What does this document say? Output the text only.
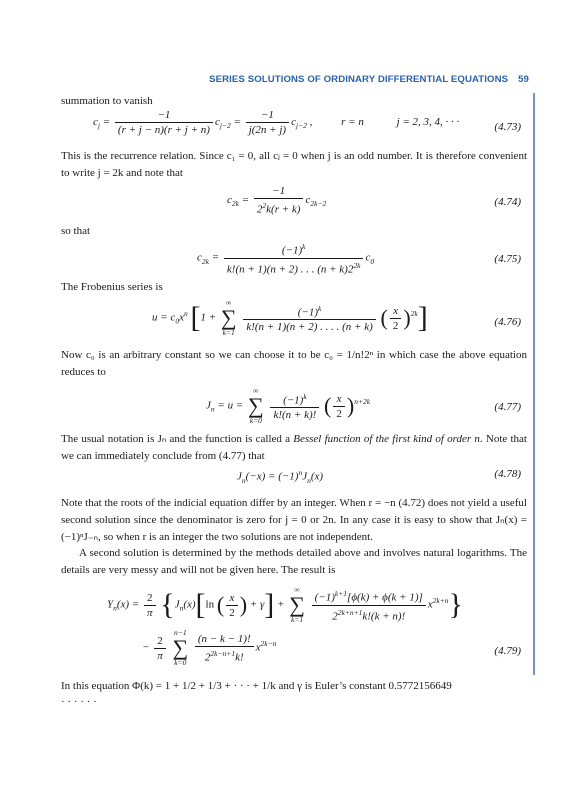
SERIES SOLUTIONS OF ORDINARY DIFFERENTIAL EQUATIONS 59
summation to vanish
$c_j = \frac{-1}{(r + j - n)(r + j + n)} c_{j-2} = \frac{-1}{j(2n + j)} c_{j-2}$ , r = n	j = 2, 3, 4, · · ·	(4.73)
This is the recurrence relation. Since c₁ = 0, all cⱼ = 0 when j is an odd number. It is therefore convenient to write j = 2k and note that
$c_{2k} = \frac{-1}{2^2k(r + k)} c_{2k-2}$	(4.74)
so that
$c_{2k} = \frac{(-1)^k}{k!(n + 1)(n + 2) . . . (n + k)2^{2k}} c_0$	(4.75)
The Frobenius series is
$u = c_0x^n$ [1 +
∞
∑
k=1
$\frac{(-1)^k}{k!(n + 1)(n + 2) . . . . (n + k)}$ ( $\frac{x}{2} )^{2k}$]	(4.76)
Now c₀ is an arbitrary constant so we can choose it to be c₀ = 1/n!2ⁿ in which case the above equation reduces to
$J_n = u$ =
∞
∑
k=0
$\frac{(-1)^k}{k!(n + k)!}$ ( $\frac{x}{2} )^{n+2k}$	(4.77)
The usual notation is Jₙ and the function is called a Bessel function of the first kind of order n. Note that we can immediately conclude from (4.77) that
$J_n(-x) = (-1)^nJ_n(x)$	(4.78)
Note that the roots of the indicial equation differ by an integer. When r = −n (4.72) does not yield a useful second solution since the denominator is zero for j = 0 or 2n. In any case it is easy to show that Jₙ(x) = (−1)ⁿJ₋ₙ, so when r is an integer the two solutions are not independent.
A second solution is determined by the methods detailed above and involves natural logarithms. The details are very messy and will not be given here. The result is
$Y_n(x) = \frac{2}{\pi} \{J_n(x)[\ln$ ( $\frac{x}{2}$ ) + γ] +
∞
∑
k=1
$\frac{(-1)^{k+1}[\phi(k) + \phi(k + 1)]}{2^{2k+n+1}k!(k + n)!} x^{2k+n}$}
− $\frac{2}{\pi}$

n−1
∑
k=0
$\frac{(n - k - 1)!}{2^{2k-n+1}k!} x^{2k-n}$
(4.79)
In this equation Φ(k) = 1 + 1/2 + 1/3 + · · · + 1/k and γ is Euler’s constant 0.5772156649
· · · · · ·
